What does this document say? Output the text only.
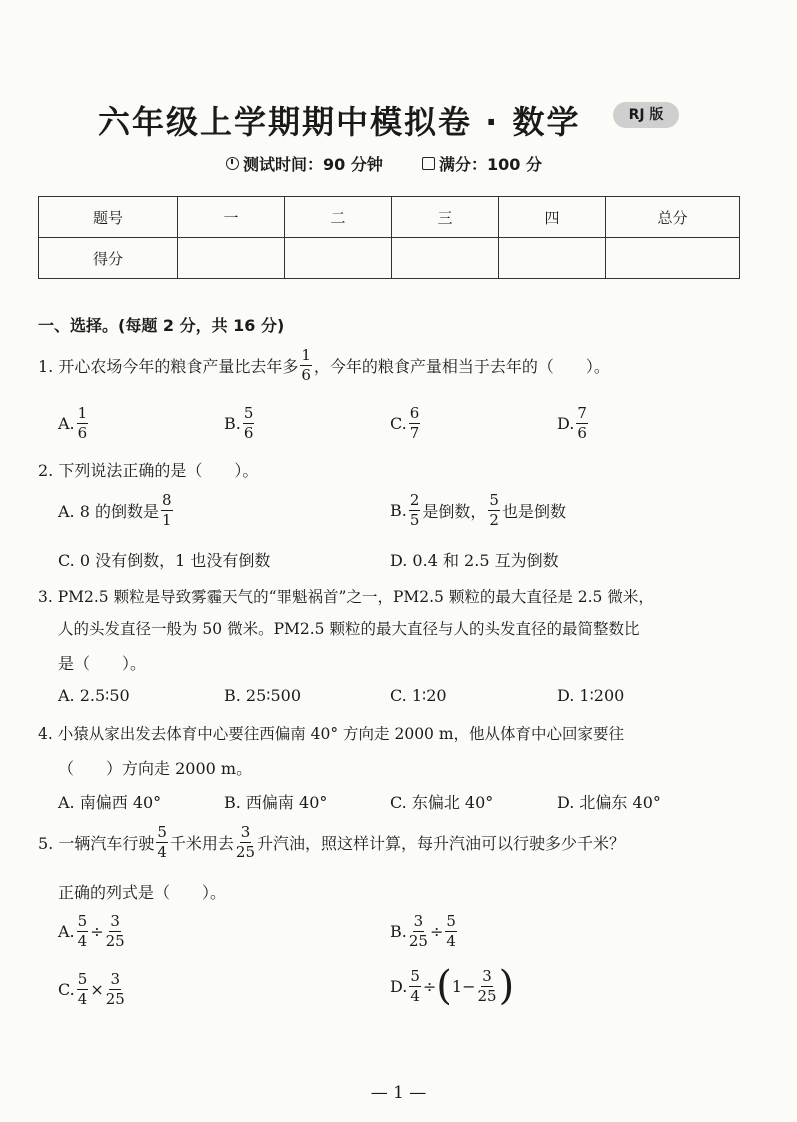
六年级上学期期中模拟卷 · 数学	RJ 版
测试时间：90 分钟	满分：100 分
题号	一	二	三	四	总分
得分					
一、选择。(每题 2 分，共 16 分)
1. 开心农场今年的粮食产量比去年多 $\frac{1}{6}$ ，今年的粮食产量相当于去年的（　　）。
A. $\frac{1}{6}$	B. $\frac{5}{6}$	C. $\frac{6}{7}$	D. $\frac{7}{6}$
2. 下列说法正确的是（　　）。
A. 8 的倒数是 $\frac{8}{1}$	B. $\frac{2}{5}$ 是倒数， $\frac{5}{2}$ 也是倒数
C. 0 没有倒数，1 也没有倒数	D. 0.4 和 2.5 互为倒数
3. PM2.5 颗粒是导致雾霾天气的“罪魁祸首”之一，PM2.5 颗粒的最大直径是 2.5 微米，
人的头发直径一般为 50 微米。PM2.5 颗粒的最大直径与人的头发直径的最简整数比
是（　　）。
A. 2.5∶50	B. 25∶500	C. 1∶20	D. 1∶200
4. 小猿从家出发去体育中心要往西偏南 40° 方向走 2000 m，他从体育中心回家要往
（　　）方向走 2000 m。
A. 南偏西 40°	B. 西偏南 40°	C. 东偏北 40°	D. 北偏东 40°
5. 一辆汽车行驶 $\frac{5}{4}$ 千米用去 $\frac{3}{25}$ 升汽油，照这样计算，每升汽油可以行驶多少千米？
正确的列式是（　　）。
A. $\frac{5}{4} \div \frac{3}{25}$	B. $\frac{3}{25} \div \frac{5}{4}$
C. $\frac{5}{4} \times \frac{3}{25}$	D. $\frac{5}{4}$ ÷ ( $1- \frac{3}{25}$ )
— 1 —
